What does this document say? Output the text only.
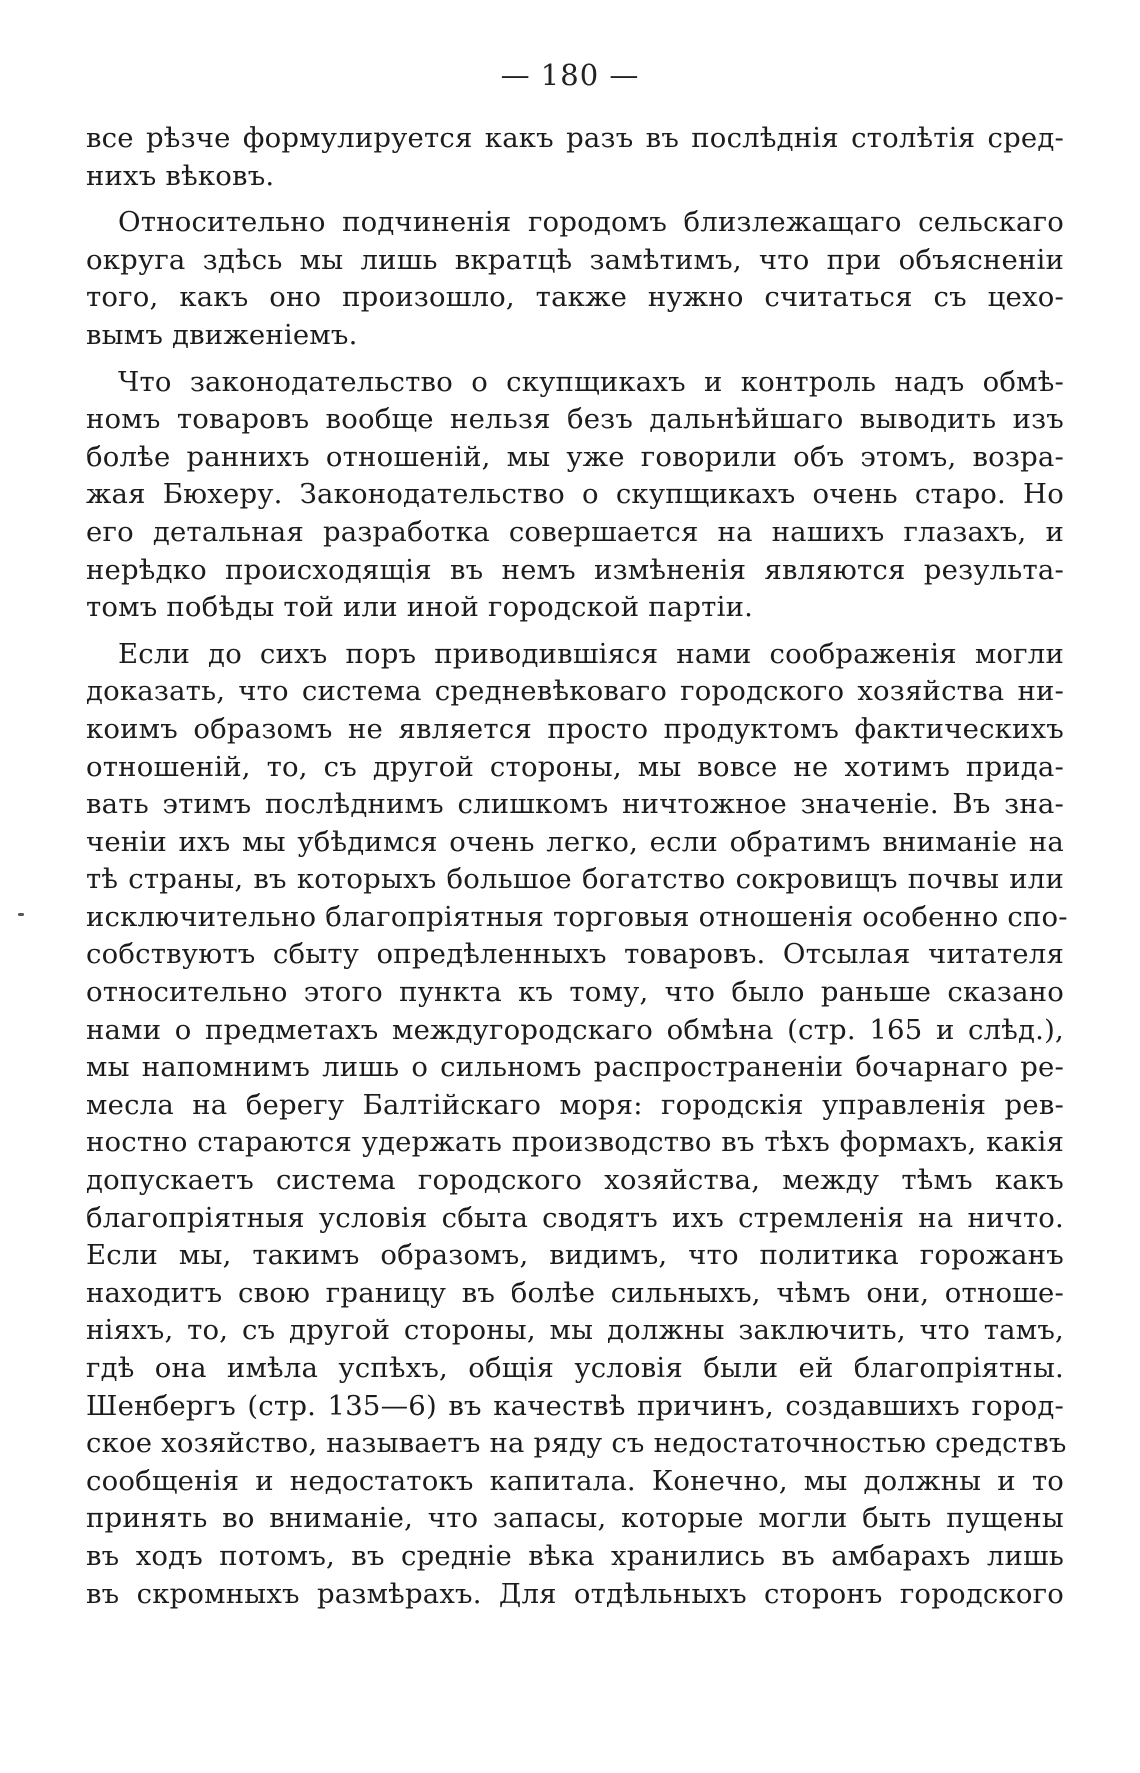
— 180 —
все рѣзче формулируется какъ разъ въ послѣднія столѣтія сред-
нихъ вѣковъ.
Относительно подчиненія городомъ близлежащаго сельскаго
округа здѣсь мы лишь вкратцѣ замѣтимъ, что при объясненіи
того, какъ оно произошло, также нужно считаться съ цехо-
вымъ движеніемъ.
Что законодательство о скупщикахъ и контроль надъ обмѣ-
номъ товаровъ вообще нельзя безъ дальнѣйшаго выводить изъ
болѣе раннихъ отношеній, мы уже говорили объ этомъ, возра-
жая Бюхеру. Законодательство о скупщикахъ очень старо. Но
его детальная разработка совершается на нашихъ глазахъ, и
нерѣдко происходящія въ немъ измѣненія являются результа-
томъ побѣды той или иной городской партіи.
Если до сихъ поръ приводившіяся нами соображенія могли
доказать, что система средневѣковаго городского хозяйства ни-
коимъ образомъ не является просто продуктомъ фактическихъ
отношеній, то, съ другой стороны, мы вовсе не хотимъ прида-
вать этимъ послѣднимъ слишкомъ ничтожное значеніе. Въ зна-
ченіи ихъ мы убѣдимся очень легко, если обратимъ вниманіе на
тѣ страны, въ которыхъ большое богатство сокровищъ почвы или
исключительно благопріятныя торговыя отношенія особенно спо-
собствуютъ сбыту опредѣленныхъ товаровъ. Отсылая читателя
относительно этого пункта къ тому, что было раньше сказано
нами о предметахъ междугородскаго обмѣна (стр. 165 и слѣд.),
мы напомнимъ лишь о сильномъ распространеніи бочарнаго ре-
месла на берегу Балтійскаго моря: городскія управленія рев-
ностно стараются удержать производство въ тѣхъ формахъ, какія
допускаетъ система городского хозяйства, между тѣмъ какъ
благопріятныя условія сбыта сводятъ ихъ стремленія на ничто.
Если мы, такимъ образомъ, видимъ, что политика горожанъ
находитъ свою границу въ болѣе сильныхъ, чѣмъ они, отноше-
ніяхъ, то, съ другой стороны, мы должны заключить, что тамъ,
гдѣ она имѣла успѣхъ, общія условія были ей благопріятны.
Шенбергъ (стр. 135—6) въ качествѣ причинъ, создавшихъ город-
ское хозяйство, называетъ на ряду съ недостаточностью средствъ
сообщенія и недостатокъ капитала. Конечно, мы должны и то
принять во вниманіе, что запасы, которые могли быть пущены
въ ходъ потомъ, въ средніе вѣка хранились въ амбарахъ лишь
въ скромныхъ размѣрахъ. Для отдѣльныхъ сторонъ городского
